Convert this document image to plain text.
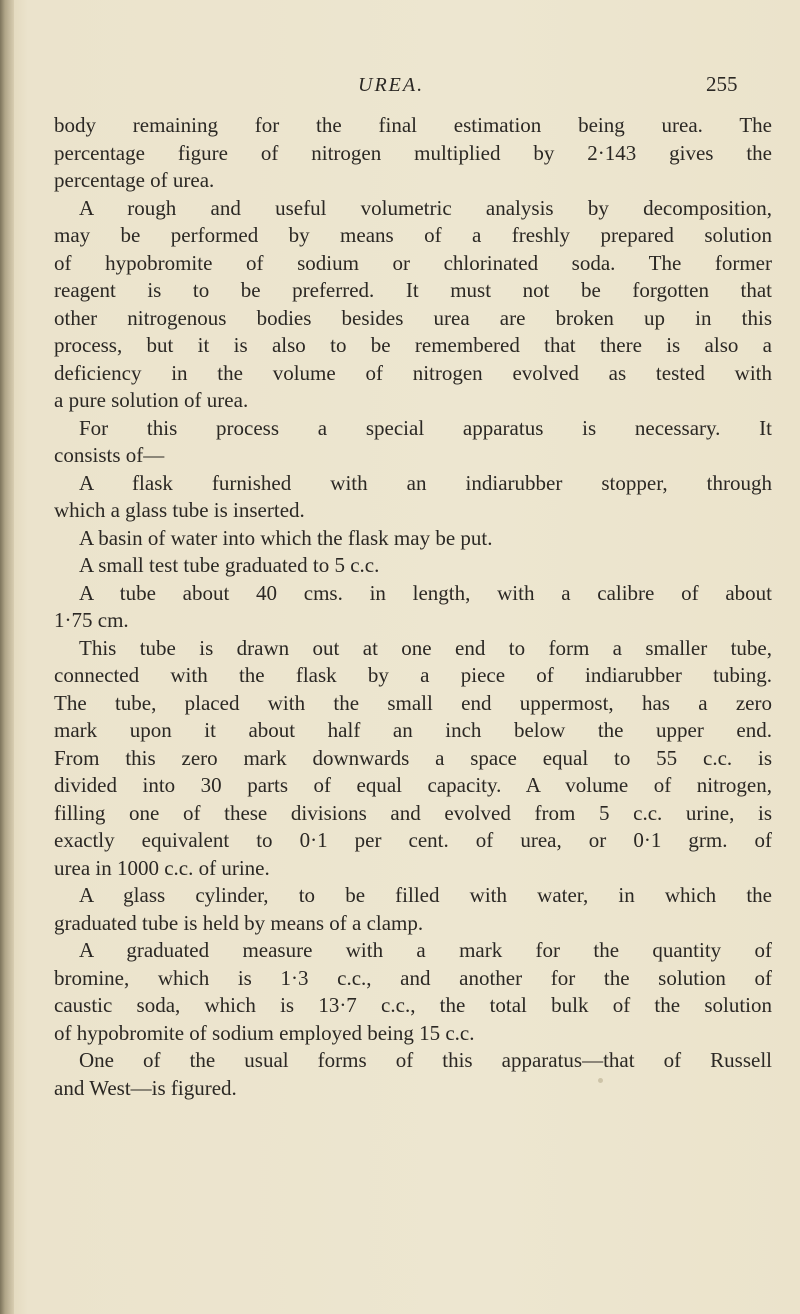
UREA.	255
body remaining for the final estimation being urea. The
percentage figure of nitrogen multiplied by 2·143 gives the
percentage of urea.
A rough and useful volumetric analysis by decomposition,
may be performed by means of a freshly prepared solution
of hypobromite of sodium or chlorinated soda. The former
reagent is to be preferred. It must not be forgotten that
other nitrogenous bodies besides urea are broken up in this
process, but it is also to be remembered that there is also a
deficiency in the volume of nitrogen evolved as tested with
a pure solution of urea.
For this process a special apparatus is necessary. It
consists of—
A flask furnished with an indiarubber stopper, through
which a glass tube is inserted.
A basin of water into which the flask may be put.
A small test tube graduated to 5 c.c.
A tube about 40 cms. in length, with a calibre of about
1·75 cm.
This tube is drawn out at one end to form a smaller tube,
connected with the flask by a piece of indiarubber tubing.
The tube, placed with the small end uppermost, has a zero
mark upon it about half an inch below the upper end.
From this zero mark downwards a space equal to 55 c.c. is
divided into 30 parts of equal capacity. A volume of nitrogen,
filling one of these divisions and evolved from 5 c.c. urine, is
exactly equivalent to 0·1 per cent. of urea, or 0·1 grm. of
urea in 1000 c.c. of urine.
A glass cylinder, to be filled with water, in which the
graduated tube is held by means of a clamp.
A graduated measure with a mark for the quantity of
bromine, which is 1·3 c.c., and another for the solution of
caustic soda, which is 13·7 c.c., the total bulk of the solution
of hypobromite of sodium employed being 15 c.c.
One of the usual forms of this apparatus—that of Russell
and West—is figured.
